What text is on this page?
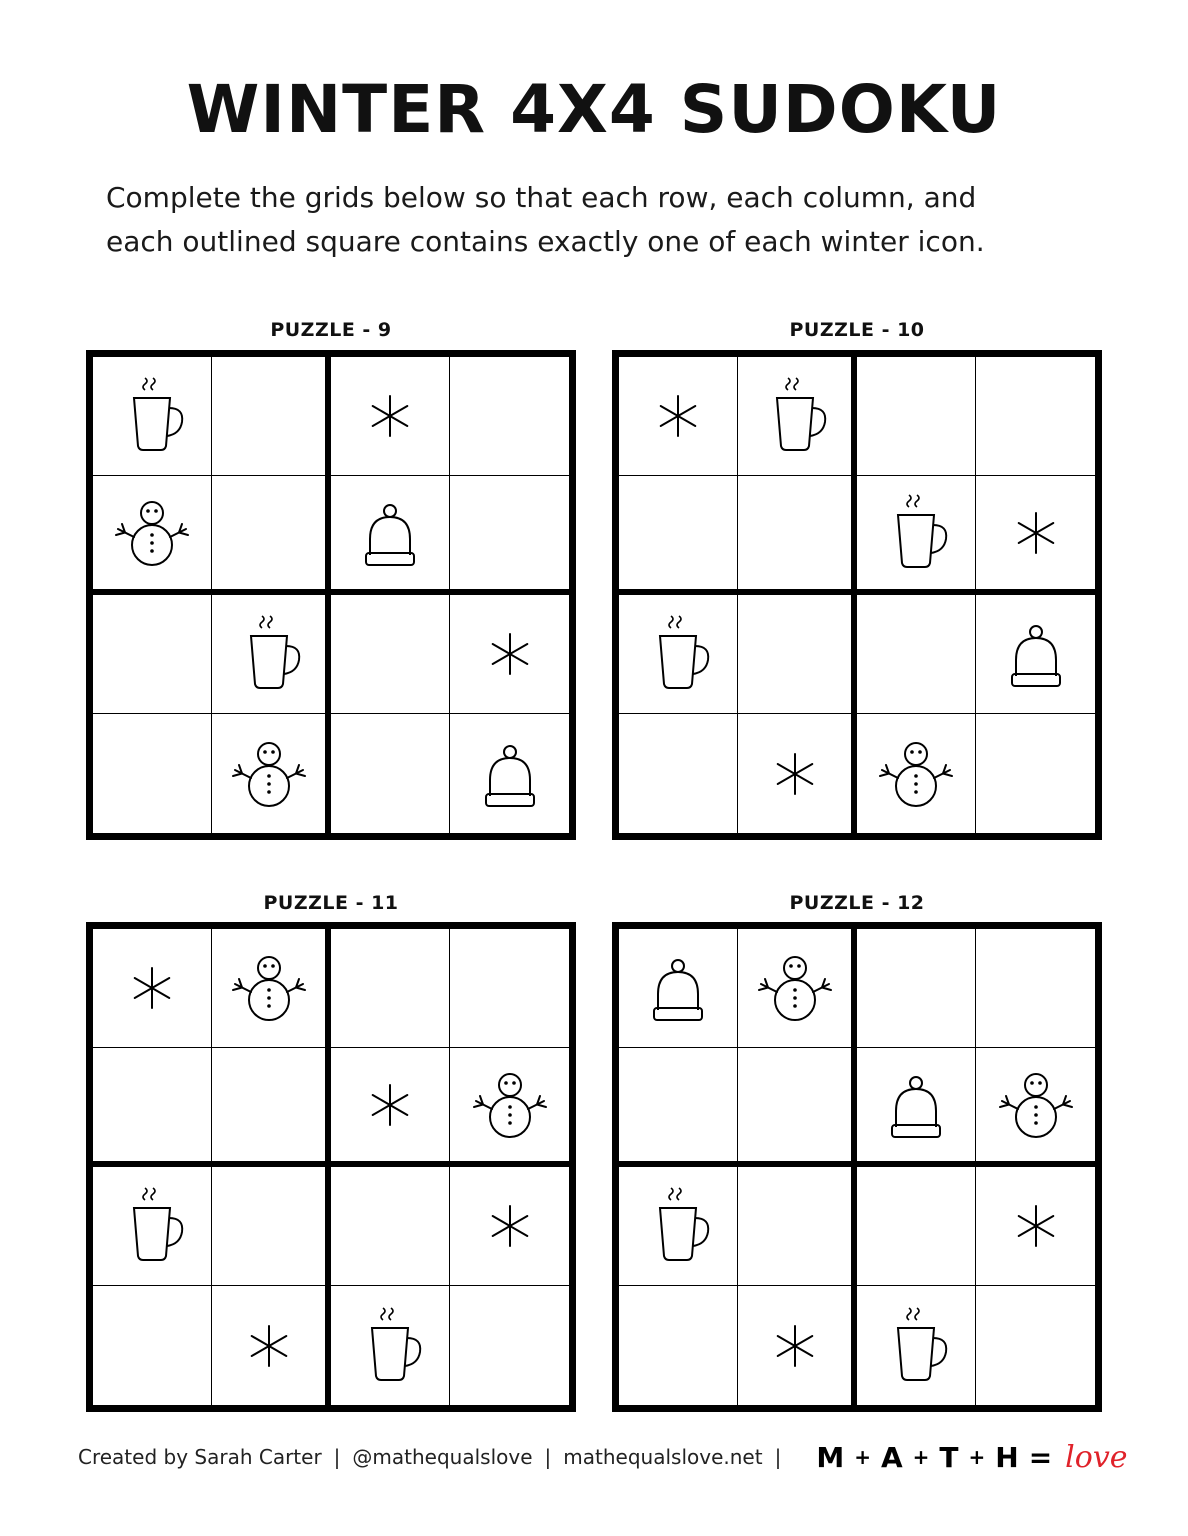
WINTER 4X4 SUDOKU
Complete the grids below so that each row, each column, and
each outlined square contains exactly one of each winter icon.
PUZZLE - 9	PUZZLE - 10
PUZZLE - 11	PUZZLE - 12
Created by Sarah Carter | @mathequalslove | mathequalslove.net | M + A + T + H = love
